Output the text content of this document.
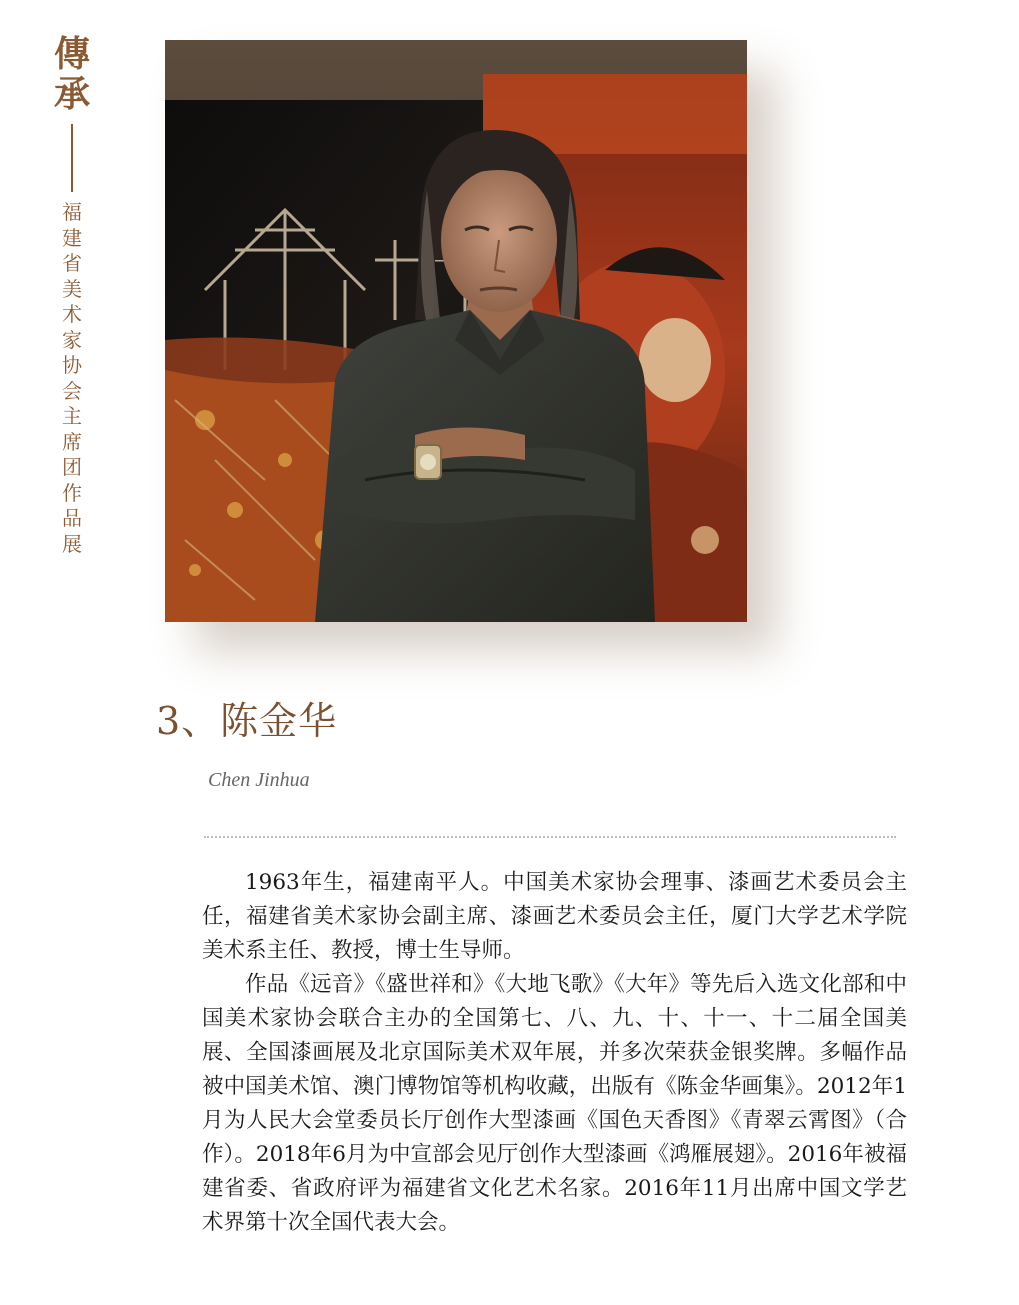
傳
承
福
建
省
美
术
家
协
会
主
席
团
作
品
展
3、陈金华
Chen Jinhua

1963年生，福建南平人。中国美术家协会理事、漆画艺术委员会主任，福建省美术家协会副主席、漆画艺术委员会主任，厦门大学艺术学院美术系主任、教授，博士生导师。

作品《远音》《盛世祥和》《大地飞歌》《大年》等先后入选文化部和中国美术家协会联合主办的全国第七、八、九、十、十一、十二届全国美展、全国漆画展及北京国际美术双年展，并多次荣获金银奖牌。多幅作品被中国美术馆、澳门博物馆等机构收藏，出版有《陈金华画集》。2012年1月为人民大会堂委员长厅创作大型漆画《国色天香图》《青翠云霄图》（合作）。2018年6月为中宣部会见厅创作大型漆画《鸿雁展翅》。2016年被福建省委、省政府评为福建省文化艺术名家。2016年11月出席中国文学艺术界第十次全国代表大会。
